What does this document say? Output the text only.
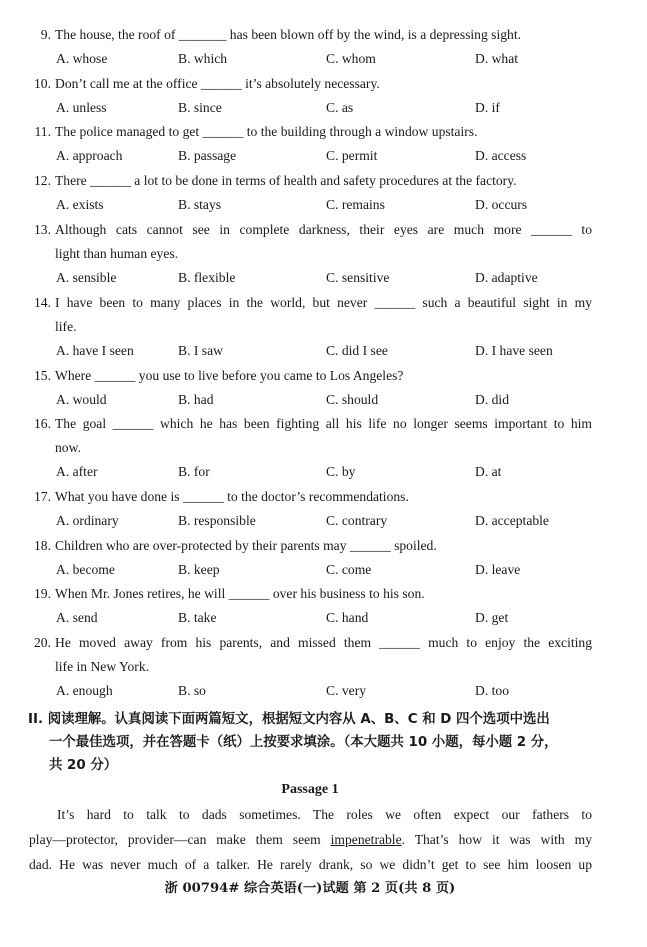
9. The house, the roof of _______ has been blown off by the wind, is a depressing sight.
A. whose	B. which	C. whom	D. what
10. Don’t call me at the office ______ it’s absolutely necessary.
A. unless	B. since	C. as	D. if
11. The police managed to get ______ to the building through a window upstairs.
A. approach	B. passage	C. permit	D. access
12. There ______ a lot to be done in terms of health and safety procedures at the factory.
A. exists	B. stays	C. remains	D. occurs
13. Although cats cannot see in complete darkness, their eyes are much more ______ to
light than human eyes.
A. sensible	B. flexible	C. sensitive	D. adaptive
14. I have been to many places in the world, but never ______ such a beautiful sight in my
life.
A. have I seen	B. I saw	C. did I see	D. I have seen
15. Where ______ you use to live before you came to Los Angeles?
A. would	B. had	C. should	D. did
16. The goal ______ which he has been fighting all his life no longer seems important to him
now.
A. after	B. for	C. by	D. at
17. What you have done is ______ to the doctor’s recommendations.
A. ordinary	B. responsible	C. contrary	D. acceptable
18. Children who are over-protected by their parents may ______ spoiled.
A. become	B. keep	C. come	D. leave
19. When Mr. Jones retires, he will ______ over his business to his son.
A. send	B. take	C. hand	D. get
20. He moved away from his parents, and missed them ______ much to enjoy the exciting
life in New York.
A. enough	B. so	C. very	D. too
II. 阅读理解。认真阅读下面两篇短文，根据短文内容从 A、B、C 和 D 四个选项中选出
一个最佳选项，并在答题卡（纸）上按要求填涂。（本大题共 10 小题，每小题 2 分，
共 20 分）
Passage 1
It’s hard to talk to dads sometimes. The roles we often expect our fathers to
play—protector, provider—can make them seem impenetrable. That’s how it was with my
dad. He was never much of a talker. He rarely drank, so we didn’t get to see him loosen up
浙 00794# 综合英语(一)试题 第 2 页(共 8 页)
